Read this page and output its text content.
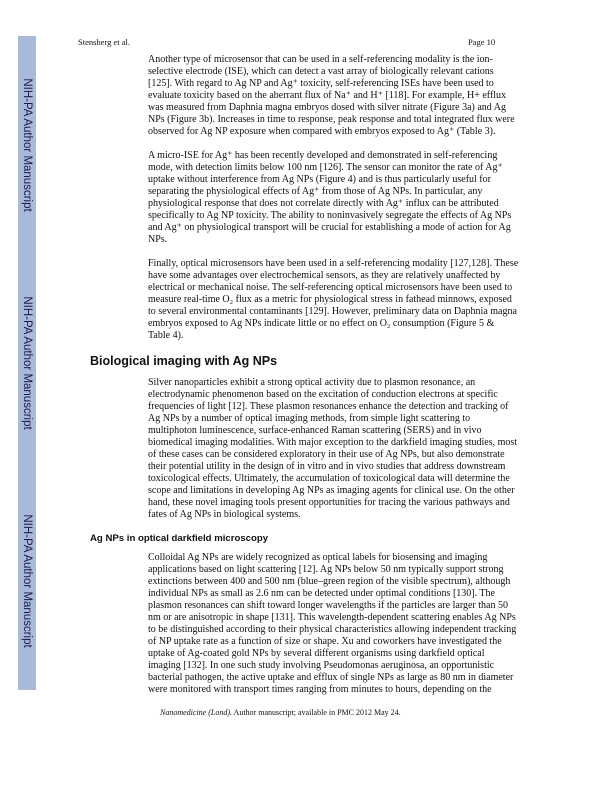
NIH-PA Author Manuscript
NIH-PA Author Manuscript
NIH-PA Author Manuscript
Stensberg et al.	Page 10
Another type of microsensor that can be used in a self-referencing modality is the ion-
selective electrode (ISE), which can detect a vast array of biologically relevant cations
[125]. With regard to Ag NP and Ag⁺ toxicity, self-referencing ISEs have been used to
evaluate toxicity based on the aberrant flux of Na⁺ and H⁺ [118]. For example, H+ efflux
was measured from Daphnia magna embryos dosed with silver nitrate (Figure 3a) and Ag
NPs (Figure 3b). Increases in time to response, peak response and total integrated flux were
observed for Ag NP exposure when compared with embryos exposed to Ag⁺ (Table 3).
A micro-ISE for Ag⁺ has been recently developed and demonstrated in self-referencing
mode, with detection limits below 100 nm [126]. The sensor can monitor the rate of Ag⁺
uptake without interference from Ag NPs (Figure 4) and is thus particularly useful for
separating the physiological effects of Ag⁺ from those of Ag NPs. In particular, any
physiological response that does not correlate directly with Ag⁺ influx can be attributed
specifically to Ag NP toxicity. The ability to noninvasively segregate the effects of Ag NPs
and Ag⁺ on physiological transport will be crucial for establishing a mode of action for Ag
NPs.
Finally, optical microsensors have been used in a self-referencing modality [127,128]. These
have some advantages over electrochemical sensors, as they are relatively unaffected by
electrical or mechanical noise. The self-referencing optical microsensors have been used to
measure real-time O₂ flux as a metric for physiological stress in fathead minnows, exposed
to several environmental contaminants [129]. However, preliminary data on Daphnia magna
embryos exposed to Ag NPs indicate little or no effect on O₂ consumption (Figure 5 &
Table 4).
Biological imaging with Ag NPs
Silver nanoparticles exhibit a strong optical activity due to plasmon resonance, an
electrodynamic phenomenon based on the excitation of conduction electrons at specific
frequencies of light [12]. These plasmon resonances enhance the detection and tracking of
Ag NPs by a number of optical imaging methods, from simple light scattering to
multiphoton luminescence, surface-enhanced Raman scattering (SERS) and in vivo
biomedical imaging modalities. With major exception to the darkfield imaging studies, most
of these cases can be considered exploratory in their use of Ag NPs, but also demonstrate
their potential utility in the design of in vitro and in vivo studies that address downstream
toxicological effects. Ultimately, the accumulation of toxicological data will determine the
scope and limitations in developing Ag NPs as imaging agents for clinical use. On the other
hand, these novel imaging tools present opportunities for tracing the various pathways and
fates of Ag NPs in biological systems.
Ag NPs in optical darkfield microscopy
Colloidal Ag NPs are widely recognized as optical labels for biosensing and imaging
applications based on light scattering [12]. Ag NPs below 50 nm typically support strong
extinctions between 400 and 500 nm (blue–green region of the visible spectrum), although
individual NPs as small as 2.6 nm can be detected under optimal conditions [130]. The
plasmon resonances can shift toward longer wavelengths if the particles are larger than 50
nm or are anisotropic in shape [131]. This wavelength-dependent scattering enables Ag NPs
to be distinguished according to their physical characteristics allowing independent tracking
of NP uptake rate as a function of size or shape. Xu and coworkers have investigated the
uptake of Ag-coated gold NPs by several different organisms using darkfield optical
imaging [132]. In one such study involving Pseudomonas aeruginosa, an opportunistic
bacterial pathogen, the active uptake and efflux of single NPs as large as 80 nm in diameter
were monitored with transport times ranging from minutes to hours, depending on the
Nanomedicine (Lond). Author manuscript; available in PMC 2012 May 24.
